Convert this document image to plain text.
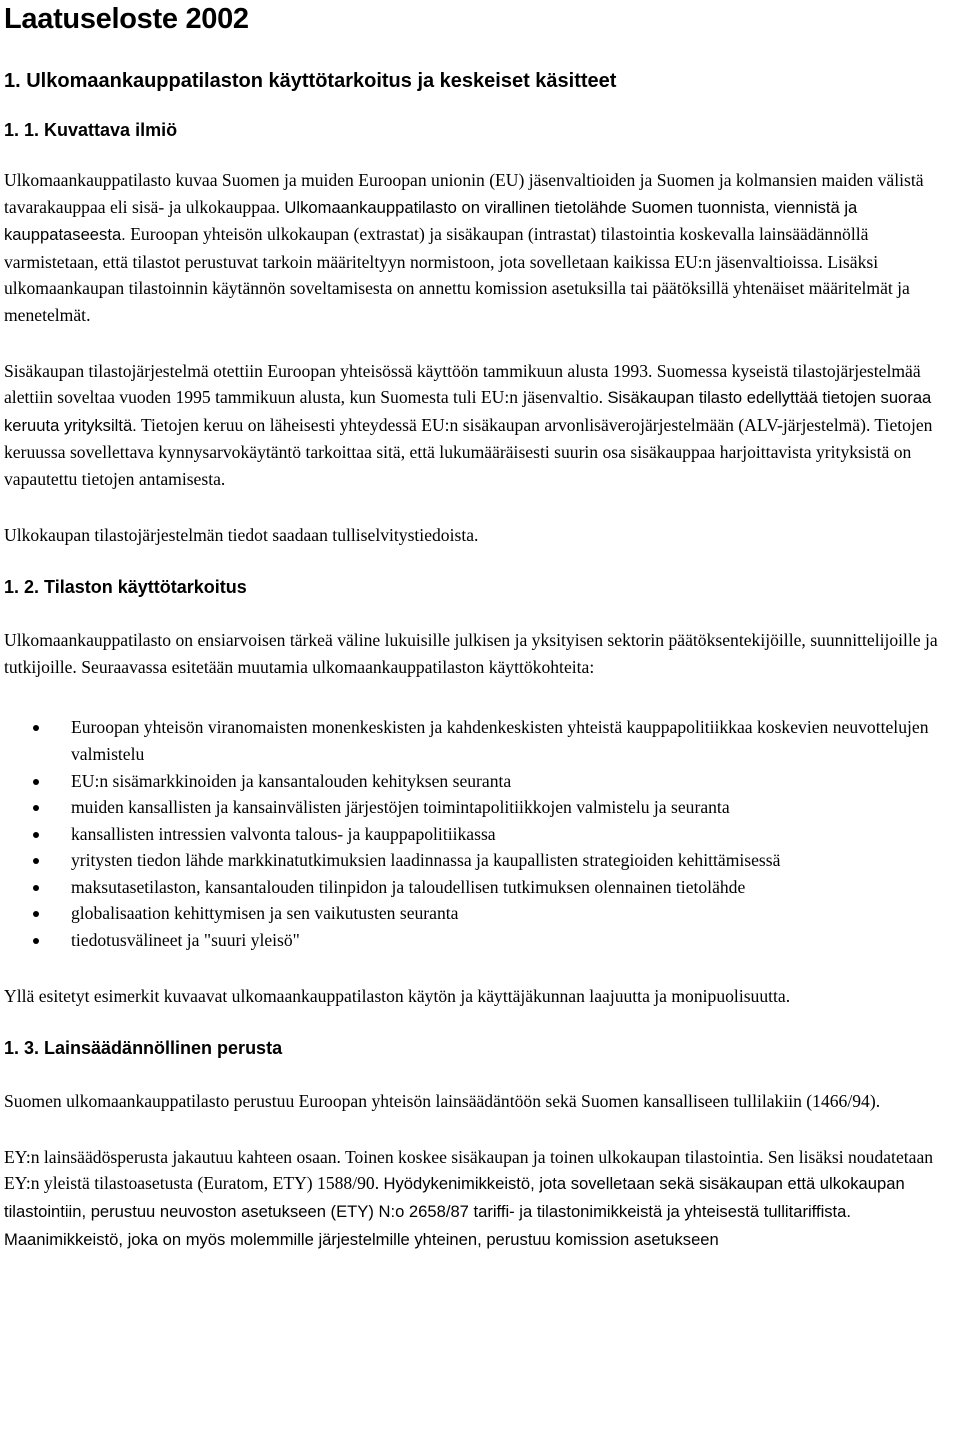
Laatuseloste 2002
1. Ulkomaankauppatilaston käyttötarkoitus ja keskeiset käsitteet
1. 1. Kuvattava ilmiö

Ulkomaankauppatilasto kuvaa Suomen ja muiden Euroopan unionin (EU) jäsenvaltioiden ja Suomen ja kolmansien maiden välistä tavarakauppaa eli sisä- ja ulkokauppaa. Ulkomaankauppatilasto on virallinen tietolähde Suomen tuonnista, viennistä ja kauppataseesta. Euroopan yhteisön ulkokaupan (extrastat) ja sisäkaupan (intrastat) tilastointia koskevalla lainsäädännöllä varmistetaan, että tilastot perustuvat tarkoin määriteltyyn normistoon, jota sovelletaan kaikissa EU:n jäsenvaltioissa. Lisäksi ulkomaankaupan tilastoinnin käytännön soveltamisesta on annettu komission asetuksilla tai päätöksillä yhtenäiset määritelmät ja menetelmät.

Sisäkaupan tilastojärjestelmä otettiin Euroopan yhteisössä käyttöön tammikuun alusta 1993. Suomessa kyseistä tilastojärjestelmää alettiin soveltaa vuoden 1995 tammikuun alusta, kun Suomesta tuli EU:n jäsenvaltio. Sisäkaupan tilasto edellyttää tietojen suoraa keruuta yrityksiltä. Tietojen keruu on läheisesti yhteydessä EU:n sisäkaupan arvonlisäverojärjestelmään (ALV-järjestelmä). Tietojen keruussa sovellettava kynnysarvokäytäntö tarkoittaa sitä, että lukumääräisesti suurin osa sisäkauppaa harjoittavista yrityksistä on vapautettu tietojen antamisesta.

Ulkokaupan tilastojärjestelmän tiedot saadaan tulliselvitystiedoista.

1. 2. Tilaston käyttötarkoitus

Ulkomaankauppatilasto on ensiarvoisen tärkeä väline lukuisille julkisen ja yksityisen sektorin päätöksentekijöille, suunnittelijoille ja tutkijoille. Seuraavassa esitetään muutamia ulkomaankauppatilaston käyttökohteita:

Euroopan yhteisön viranomaisten monenkeskisten ja kahdenkeskisten yhteistä kauppapolitiikkaa koskevien neuvottelujen valmistelu
EU:n sisämarkkinoiden ja kansantalouden kehityksen seuranta
muiden kansallisten ja kansainvälisten järjestöjen toimintapolitiikkojen valmistelu ja seuranta
kansallisten intressien valvonta talous- ja kauppapolitiikassa
yritysten tiedon lähde markkinatutkimuksien laadinnassa ja kaupallisten strategioiden kehittämisessä
maksutasetilaston, kansantalouden tilinpidon ja taloudellisen tutkimuksen olennainen tietolähde
globalisaation kehittymisen ja sen vaikutusten seuranta
tiedotusvälineet ja "suuri yleisö"

Yllä esitetyt esimerkit kuvaavat ulkomaankauppatilaston käytön ja käyttäjäkunnan laajuutta ja monipuolisuutta.

1. 3. Lainsäädännöllinen perusta

Suomen ulkomaankauppatilasto perustuu Euroopan yhteisön lainsäädäntöön sekä Suomen kansalliseen tullilakiin (1466/94).

EY:n lainsäädösperusta jakautuu kahteen osaan. Toinen koskee sisäkaupan ja toinen ulkokaupan tilastointia. Sen lisäksi noudatetaan EY:n yleistä tilastoasetusta (Euratom, ETY) 1588/90. Hyödykenimikkeistö, jota sovelletaan sekä sisäkaupan että ulkokaupan tilastointiin, perustuu neuvoston asetukseen (ETY) N:o 2658/87 tariffi- ja tilastonimikkeistä ja yhteisestä tullitariffista. Maanimikkeistö, joka on myös molemmille järjestelmille yhteinen, perustuu komission asetukseen
